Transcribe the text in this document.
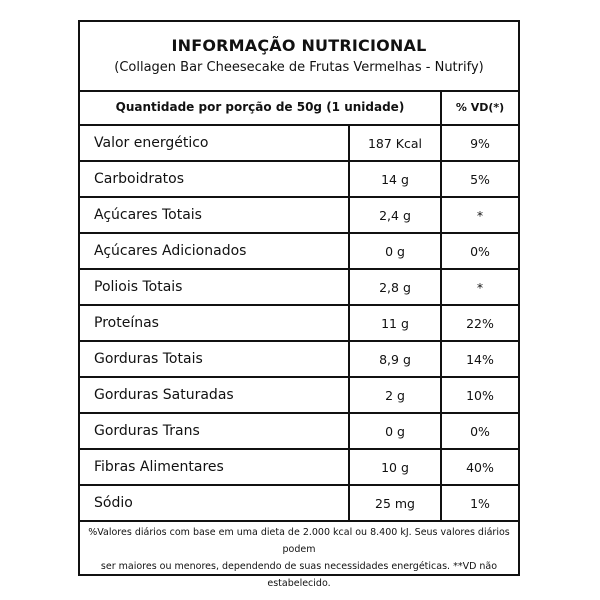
INFORMAÇÃO NUTRICIONAL
(Collagen Bar Cheesecake de Frutas Vermelhas - Nutrify)
Quantidade por porção de 50g (1 unidade)	% VD(*)
Valor energético	187 Kcal	9%
Carboidratos	14 g	5%
Açúcares Totais	2,4 g	*
Açúcares Adicionados	0 g	0%
Poliois Totais	2,8 g	*
Proteínas	11 g	22%
Gorduras Totais	8,9 g	14%
Gorduras Saturadas	2 g	10%
Gorduras Trans	0 g	0%
Fibras Alimentares	10 g	40%
Sódio	25 mg	1%
%Valores diários com base em uma dieta de 2.000 kcal ou 8.400 kJ. Seus valores diários podem
ser maiores ou menores, dependendo de suas necessidades energéticas. **VD não estabelecido.
